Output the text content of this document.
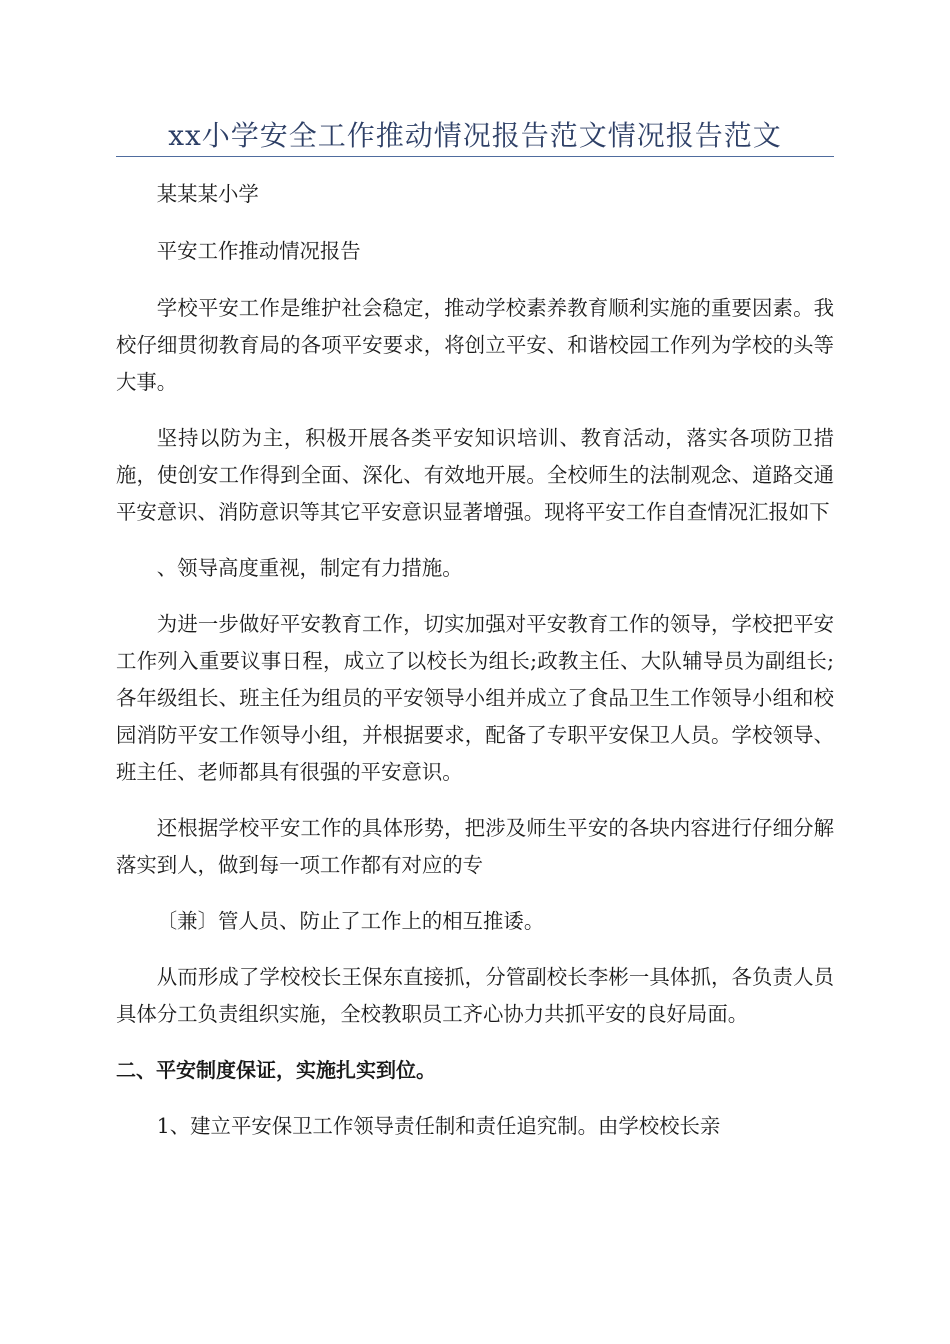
xx小学安全工作推动情况报告范文情况报告范文

某某某小学

平安工作推动情况报告

学校平安工作是维护社会稳定，推动学校素养教育顺利实施的重要因素。我校仔细贯彻教育局的各项平安要求，将创立平安、和谐校园工作列为学校的头等大事。

坚持以防为主，积极开展各类平安知识培训、教育活动，落实各项防卫措施，使创安工作得到全面、深化、有效地开展。全校师生的法制观念、道路交通平安意识、消防意识等其它平安意识显著增强。现将平安工作自查情况汇报如下

、领导高度重视，制定有力措施。

为进一步做好平安教育工作，切实加强对平安教育工作的领导，学校把平安工作列入重要议事日程，成立了以校长为组长;政教主任、大队辅导员为副组长;各年级组长、班主任为组员的平安领导小组并成立了食品卫生工作领导小组和校园消防平安工作领导小组，并根据要求，配备了专职平安保卫人员。学校领导、班主任、老师都具有很强的平安意识。

还根据学校平安工作的具体形势，把涉及师生平安的各块内容进行仔细分解落实到人，做到每一项工作都有对应的专

〔兼〕管人员、防止了工作上的相互推诿。

从而形成了学校校长王保东直接抓，分管副校长李彬一具体抓，各负责人员具体分工负责组织实施，全校教职员工齐心协力共抓平安的良好局面。

二、平安制度保证，实施扎实到位。

1、建立平安保卫工作领导责任制和责任追究制。由学校校长亲
